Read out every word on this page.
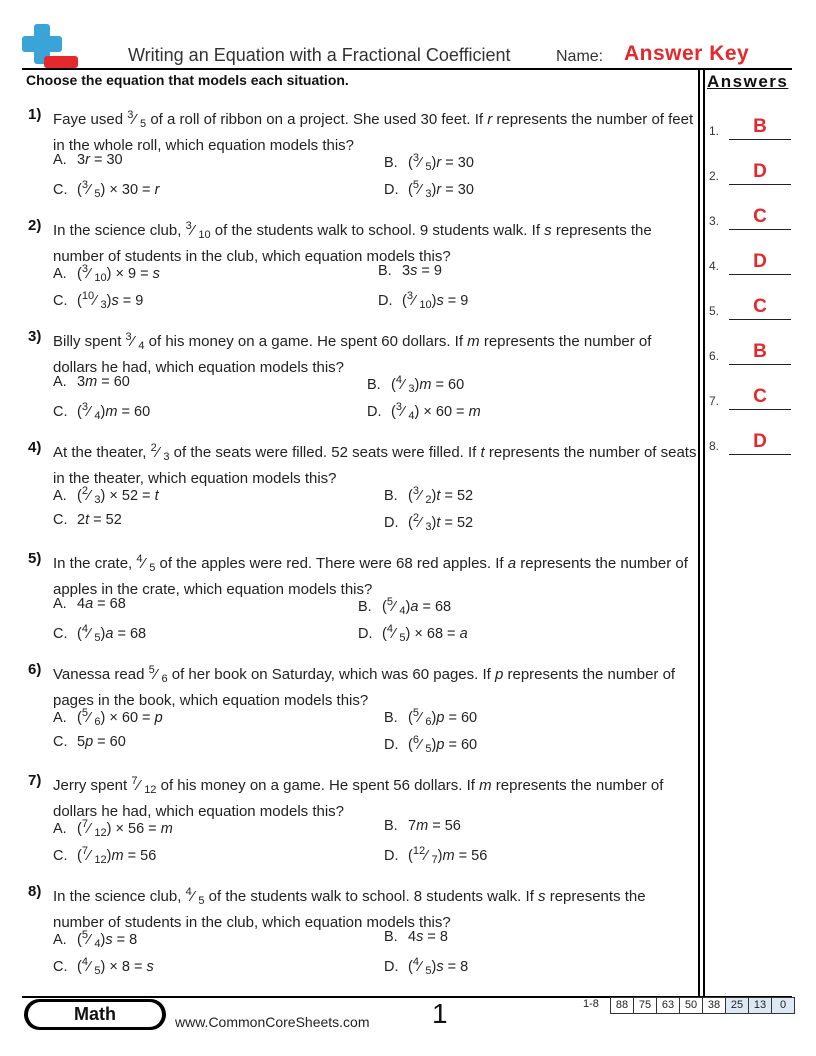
Writing an Equation with a Fractional Coefficient	Name: Answer Key
Choose the equation that models each situation.	Answers
1.	B
2.	D
3.	C
4.	D
5.	C
6.	B
7.	C
8.	D
1) Faye used $^3$⁄ $_5$ of a roll of ribbon on a project. She used 30 feet. If r represents the number of feet in the whole roll, which equation models this?
A. 3r = 30	B. ($^3$⁄ $_5$)r = 30
C. ($^3$⁄ $_5$) × 30 = r	D. ($^5$⁄ $_3$)r = 30
2) In the science club, $^3$⁄ $_{10}$ of the students walk to school. 9 students walk. If s represents the number of students in the club, which equation models this?
A. ($^3$⁄ $_{10}$) × 9 = s	B. 3s = 9
C. ($^{10}$⁄ $_3$)s = 9	D. ($^3$⁄ $_{10}$)s = 9
3) Billy spent $^3$⁄ $_4$ of his money on a game. He spent 60 dollars. If m represents the number of dollars he had, which equation models this?
A. 3m = 60	B. ($^4$⁄ $_3$)m = 60
C. ($^3$⁄ $_4$)m = 60	D. ($^3$⁄ $_4$) × 60 = m
4) At the theater, $^2$⁄ $_3$ of the seats were filled. 52 seats were filled. If t represents the number of seats in the theater, which equation models this?
A. ($^2$⁄ $_3$) × 52 = t	B. ($^3$⁄ $_2$)t = 52
C. 2t = 52	D. ($^2$⁄ $_3$)t = 52
5) In the crate, $^4$⁄ $_5$ of the apples were red. There were 68 red apples. If a represents the number of apples in the crate, which equation models this?
A. 4a = 68	B. ($^5$⁄ $_4$)a = 68
C. ($^4$⁄ $_5$)a = 68	D. ($^4$⁄ $_5$) × 68 = a
6) Vanessa read $^5$⁄ $_6$ of her book on Saturday, which was 60 pages. If p represents the number of pages in the book, which equation models this?
A. ($^5$⁄ $_6$) × 60 = p	B. ($^5$⁄ $_6$)p = 60
C. 5p = 60	D. ($^6$⁄ $_5$)p = 60
7) Jerry spent $^7$⁄ $_{12}$ of his money on a game. He spent 56 dollars. If m represents the number of dollars he had, which equation models this?
A. ($^7$⁄ $_{12}$) × 56 = m	B. 7m = 56
C. ($^7$⁄ $_{12}$)m = 56	D. ($^{12}$⁄ $_7$)m = 56
8) In the science club, $^4$⁄ $_5$ of the students walk to school. 8 students walk. If s represents the number of students in the club, which equation models this?
A. ($^5$⁄ $_4$)s = 8	B. 4s = 8
C. ($^4$⁄ $_5$) × 8 = s	D. ($^4$⁄ $_5$)s = 8
Math	www.CommonCoreSheets.com 1	1-8	88 75 63 50 38 25 13	0
